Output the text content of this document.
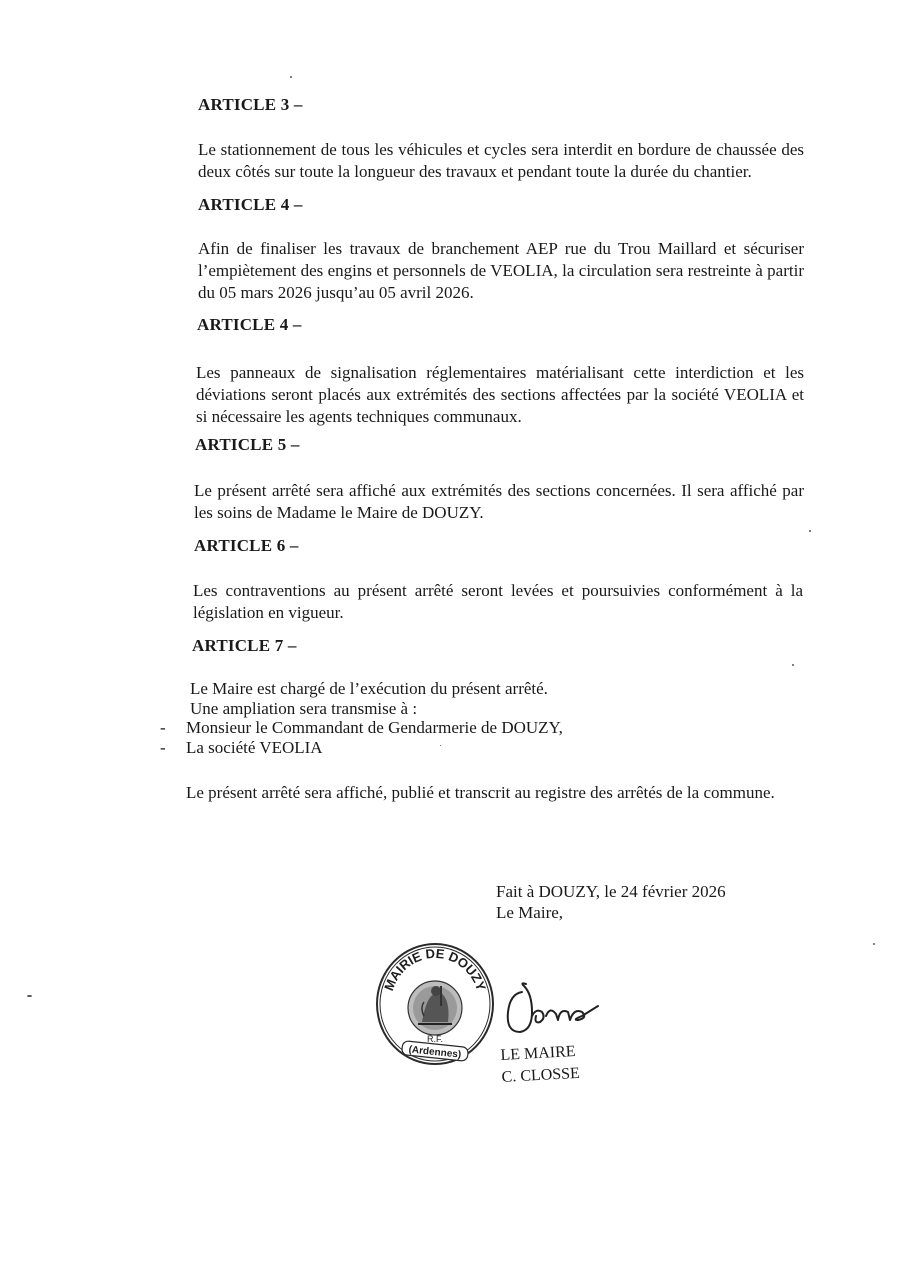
ARTICLE 3 –
Le stationnement de tous les véhicules et cycles sera interdit en bordure de chaussée des deux côtés sur toute la longueur des travaux et pendant toute la durée du chantier.
ARTICLE 4 –
Afin de finaliser les travaux de branchement AEP rue du Trou Maillard et sécuriser l’empiètement des engins et personnels de VEOLIA, la circulation sera restreinte à partir du 05 mars 2026 jusqu’au 05 avril 2026.
ARTICLE 4 –
Les panneaux de signalisation réglementaires matérialisant cette interdiction et les déviations seront placés aux extrémités des sections affectées par la société VEOLIA et si nécessaire les agents techniques communaux.
ARTICLE 5 –
Le présent arrêté sera affiché aux extrémités des sections concernées. Il sera affiché par les soins de Madame le Maire de DOUZY.
ARTICLE 6 –
Les contraventions au présent arrêté seront levées et poursuivies conformément à la législation en vigueur.
ARTICLE 7 –
Le Maire est chargé de l’exécution du présent arrêté.
Une ampliation sera transmise à :
- Monsieur le Commandant de Gendarmerie de DOUZY,
- La société VEOLIA
Le présent arrêté sera affiché, publié et transcrit au registre des arrêtés de la commune.
Fait à DOUZY, le 24 février 2026
Le Maire,
MAIRIE DE DOUZY
R.F.
(Ardennes) LE MAIRE
C. CLOSSE
